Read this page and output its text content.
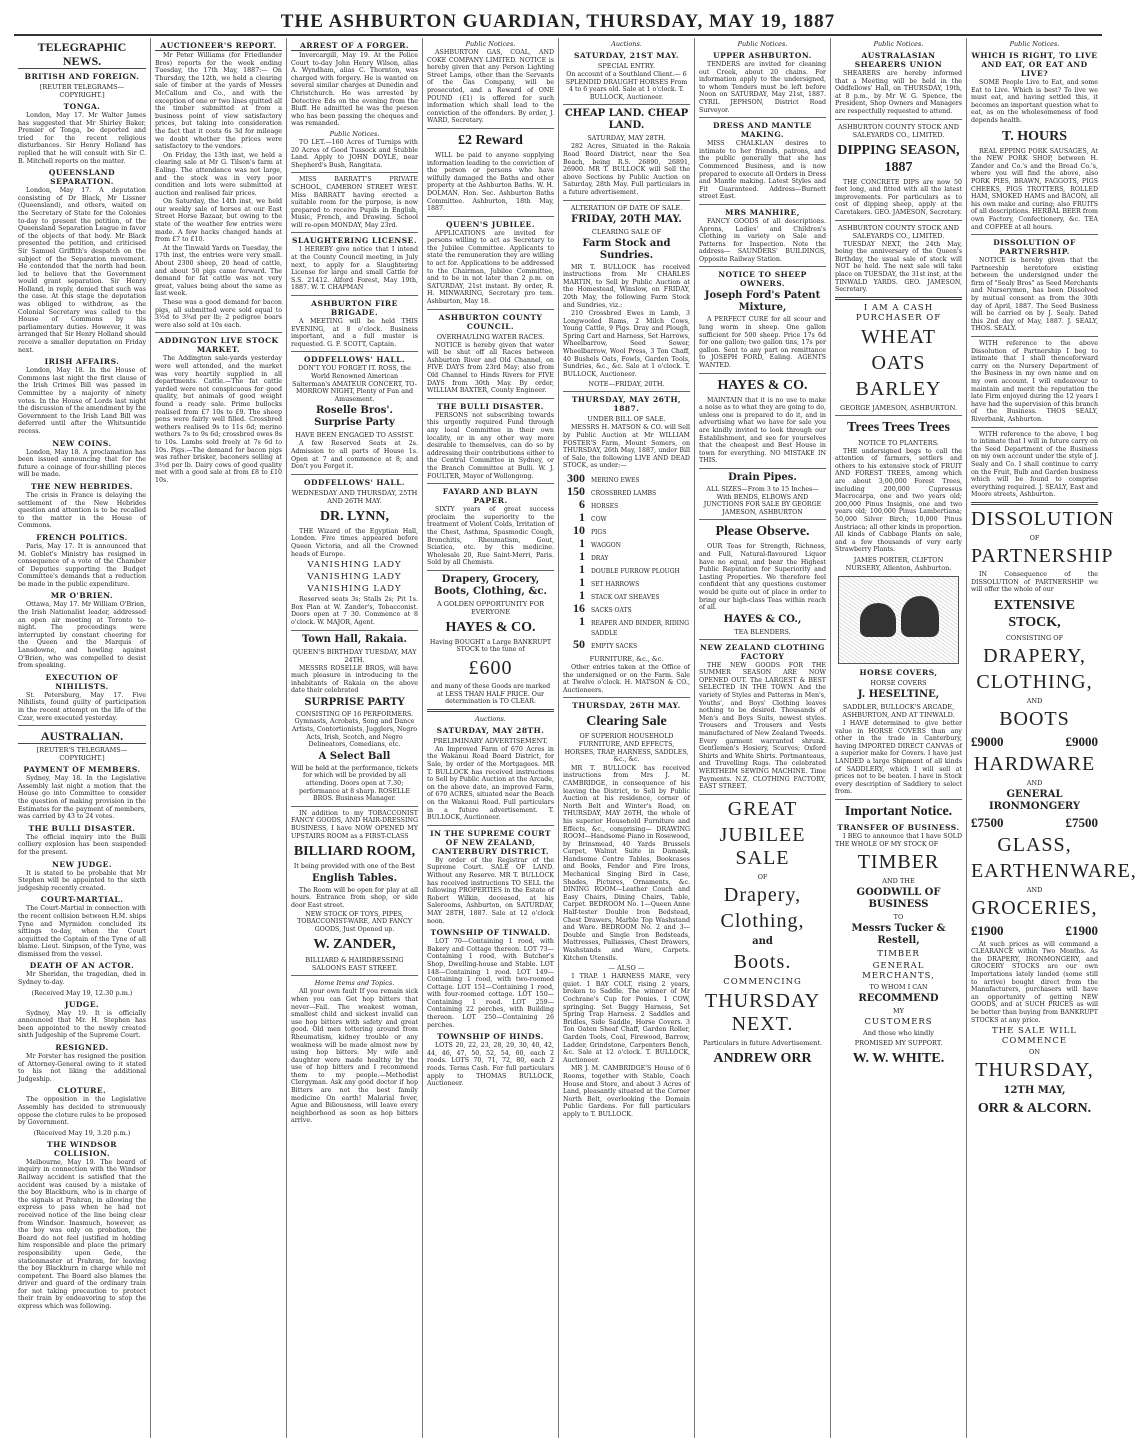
THE ASHBURTON GUARDIAN, THURSDAY, MAY 19, 1887
TELEGRAPHIC NEWS.
BRITISH AND FOREIGN.
[REUTER TELEGRAMS—COPYRIGHT.]
TONGA.

London, May 17. Mr Walter James has suggested that Mr Shirley Baker, Premier of Tonga, be deported and tried for the recent religious disturbances. Sir Henry Holland has replied that he will consult with Sir C. B. Mitchell reports on the matter.

QUEENSLAND SEPARATION.

London, May 17. A deputation consisting of Dr Black, Mr Lissner (Queensland), and others, waited on the Secretary of State for the Colonies to-day to present the petition, of the Queensland Separation League in favor of the objects of that body. Mr Black presented the petition, and criticised Sir Samuel Griffith's despatch on the subject of the Separation movement. He contended that the north had been led to believe that the Government would grant separation. Sir Henry Holland, in reply, denied that such was the case. At this stage the deputation was obliged to withdraw, as the Colonial Secretary was called to the House of Commons by his parliamentary duties. However, it was arranged that Sir Henry Holland should receive a smaller deputation on Friday next.

IRISH AFFAIRS.

London, May 18. In the House of Commons last night the first clause of the Irish Crimes Bill was passed in Committee by a majority of ninety votes. In the House of Lords last night the discussion of the amendment by the Government to the Irish Land Bill was deferred until after the Whitsuntide recess.

NEW COINS.

London, May 18. A proclamation has been issued announcing that for the future a coinage of four-shilling pieces will be made.

THE NEW HEBRIDES.

The crisis in France is delaying the settlement of the New Hebrides question and attention is to be recalled to the matter in the House of Commons.

FRENCH POLITICS.

Paris, May 17. It is announced that M. Goblet's Ministry has resigned in consequence of a vote of the Chamber of Deputies supporting the Budget Committee's demands that a reduction be made in the public expenditure.

MR O'BRIEN.

Ottawa, May 17. Mr William O'Brien, the Irish Nationalist leader, addressed an open air meeting at Toronto to-night. The proceedings were interrupted by constant cheering for the Queen and the Marquis of Lansdowne, and howling against O'Brien, who was compelled to desist from speaking.

EXECUTION OF NIHILISTS.

St. Petersburg, May 17. Five Nihilists, found guilty of participation in the recent attempt on the life of the Czar, were executed yesterday.

AUSTRALIAN.
[REUTER'S TELEGRAMS—COPYRIGHT.]
PAYMENT OF MEMBERS.

Sydney, May 18. In the Legislative Assembly last night a motion that the House go into Committee to consider the question of making provision in the Estimates for the payment of members, was carried by 43 to 24 votes.

THE BULLI DISASTER.

The official inquiry into the Bulli colliery explosion has been suspended for the present.

NEW JUDGE.

It is stated to be probable that Mr Stephen will be appointed to the sixth judgeship recently created.

COURT-MARTIAL.

The Court-Martial in connection with the recent collision between H.M. ships Tyne and Myrmidon concluded its sittings to-day, when the Court acquitted the Captain of the Tyne of all blame. Lieut. Simpson, of the Tyne, was dismissed from the vessel.

DEATH OF AN ACTOR.

Mr Sheridan, the tragedian, died in Sydney to-day.

(Received May 19, 12.30 p.m.)
JUDGE.

Sydney, May 19. It is officially announced that Mr. H. Stephen has been appointed to the newly created sixth Judgeship of the Supreme Court.

RESIGNED.

Mr Forster has resigned the position of Attorney-General owing to it stated to his not liking the additional Judgeship.

CLOTURE.

The opposition in the Legislative Assembly has decided to strenuously oppose the cloture rules to be proposed by Government.

(Received May 19, 3.20 p.m.)
THE WINDSOR COLLISION.

Melbourne, May 19. The board of inquiry in connection with the Windsor Railway accident is satisfied that the accident was caused by a mistake of the boy Blackburn, who is in charge of the signals at Prahran, in allowing the express to pass when he had not received notice of the line being clear from Windsor. Inasmuch, however, as the boy was only on probation, the Board do not feel justified in holding him responsible and place the primary responsibility upon Gede, the stationmaster at Prahran, for leaving the boy Blackburn in charge while not competent. The Board also blames the driver and guard of the ordinary train for not taking precaution to protect their train by endeavoring to stop the express which was following.

AUCTIONEER'S REPORT.

Mr Peter Williams (for Friedlander Bros) reports for the week ending Tuesday, the 17th May, 1887:— On Thursday, the 12th, we held a clearing sale of timber at the yards of Messrs McCallum and Co., and with the exception of one or two lines quitted all the timber submitted at from a business point of view satisfactory prices, but taking into consideration the fact that it costs 6s 3d for mileage we doubt whether the prices were satisfactory to the vendors.

On Friday, the 13th inst, we held a clearing sale at Mr G. Tilson's farm at Ealing. The attendance was not large, and the stock was in very poor condition and lots were submitted at auction and realised fair prices.

On Saturday, the 14th inst, we held our weekly sale of horses at our East Street Horse Bazaar, but owing to the state of the weather few entries were made. A few hacks changed hands at from £7 to £10.

At the Tinwald Yards on Tuesday, the 17th inst, the entries were very small. About 2300 sheep, 20 head of cattle, and about 50 pigs came forward. The demand for fat cattle was not very great, values being about the same as last week.

These was a good demand for bacon pigs, all submitted were sold equal to 3½d to 3¾d per lb; 2 pedigree boars were also sold at 10s each.

ADDINGTON LIVE STOCK MARKET.

The Addington sale-yards yesterday were well attended, and the market was very heartily supplied in all departments. Cattle.—The fat cattle yarded were not conspicuous for good quality, but animals of good weight found a ready sale. Prime bullocks realised from £7 10s to £9. The sheep pens were fairly well filled. Crossbred wethers realised 9s to 11s 6d; merino wethers 7s to 9s 6d; crossbred ewes 8s to 10s. Lambs sold freely at 7s 6d to 10s. Pigs.—The demand for bacon pigs was rather brisker, baconers selling at 3½d per lb. Dairy cows of good quality met with a good sale at from £8 to £10 10s.

ARREST OF A FORGER.

Invercargill, May 19. At the Police Court to-day John Henry Wilson, alias A. Wyndham, alias C. Thornton, was charged with forgery. He is wanted on several similar charges at Dunedin and Christchurch. He was arrested by Detective Eds on the evening from the Bluff. He admitted he was the person who has been passing the cheques and was remanded.

Public Notices.

TO LET.—160 Acres of Turnips with 20 Acres of Good Tussock and Stubble Land. Apply to JOHN DOYLE, near Shepherd's Bush, Rangitata.

MISS BARRATT'S PRIVATE SCHOOL, CAMERON STREET WEST. Miss BARRATT having erected a suitable room for the purpose, is now prepared to receive Pupils in English, Music, French, and Drawing. School will re-open MONDAY, May 23rd.

SLAUGHTERING LICENSE.

I HEREBY give notice that I intend at the County Council meeting, in July next, to apply for a Slaughtering License for large and small Cattle for S.S. 21412. Alford Forest, May 19th, 1887. W. T. CHAPMAN

ASHBURTON FIRE BRIGADE.

A MEETING will be held THIS EVENING, at 8 o'clock. Business important, and a full muster is requested. G. F. SCOTT, Captain.

ODDFELLOWS' HALL.

DON'T YOU FORGET IT. ROSS, the World Renowned American Salterman's AMATEUR CONCERT, TO-MORROW NIGHT, Plenty of Fun and Amusement.

Roselle Bros'. Surprise Party
HAVE BEEN ENGAGED TO ASSIST.

A few Reserved Seats at 2s. Admission to all parts of House 1s. Open at 7 and commence at 8; and Don't you Forget it.

ODDFELLOWS' HALL.
WEDNESDAY AND THURSDAY, 25TH AND 26TH MAY.
DR. LYNN,

THE Wizard of the Egyptian Hall, London. Five times appeared before Queen Victoria, and all the Crowned heads of Europe.

VANISHING LADY
VANISHING LADY
VANISHING LADY

Reserved seats 3s; Stalls 2s; Pit 1s. Box Plan at W. Zander's, Tobacconist. Doors open at 7 30. Commence at 8 o'clock. W. MAJOR, Agent.

Town Hall, Rakaia.
QUEEN'S BIRTHDAY TUESDAY, MAY 24TH.

MESSRS ROSELLE BROS, will have much pleasure in introducing to the inhabitants of Rakaia on the above date their celebrated

SURPRISE PARTY

CONSISTING OF 16 PERFORMERS. Gymnasts, Acrobats, Song and Dance Artists, Contortionists, Jugglers, Negro Acts, Irish, Scotch, and Negro Delineators, Comedians, etc.

A Select Ball

Will be held at the performance, tickets for which will be provided by all attending. Doors open at 7.30; performance at 8 sharp. ROSELLE BROS. Business Manager.

IN addition to my TOBACCONIST FANCY GOODS, AND HAIR-DRESSING BUSINESS, I have NOW OPENED MY UPSTAIRS ROOM as a FIRST-CLASS

BILLIARD ROOM,

It being provided with one of the Best

English Tables.

The Room will be open for play at all hours. Entrance from shop, or side door East street.

NEW STOCK OF TOYS, PIPES, TOBACCONIST-WARE, AND FANCY GOODS, Just Opened up.

W. ZANDER,
BILLIARD & HAIRDRESSING SALOONS EAST STREET.
Home Items and Topics.

All your own fault If you remain sick when you can Get hop bitters that never—Fail. The weakest woman, smallest child and sickest invalid can use hop bitters with safety and great good. Old men tottering around from Rheumatism, kidney trouble or any weakness will be made almost new by using hop bitters. My wife and daughter were made healthy by the use of hop bitters and I recommend them to my people.—Methodist Clergyman. Ask any good doctor if hop Bitters are not the best family medicine On earth! Malarial fever, Ague and Biliousness, will leave every neighborhood as soon as hop bitters arrive.

Public Notices.

ASHBURTON GAS, COAL, AND COKE COMPANY LIMITED. NOTICE is hereby given that any Person Lighting Street Lamps, other than the Servants of the Gas Company, will be prosecuted, and a Reward of ONE POUND (£1) is offered for such information which shall lead to the conviction of the offenders. By order, J. WARD, Secretary.

£2 Reward

WILL be paid to anyone supplying information leading to the conviction of the person or persons who have wilfully damaged the Baths and other property at the Ashburton Baths. W. H. DOLMAN. Hon. Sec. Ashburton Baths Committee. Ashburton, 18th May, 1887.

QUEEN'S JUBILEE.

APPLICATIONS are invited for persons willing to act as Secretary to the Jubilee Committee. Applicants to state the remuneration they are willing to act for. Applications to be addressed to the Chairman, Jubilee Committee, and to be in not later than 2 p.m. on SATURDAY, 21st instant. By order, R. H. MINWARING, Secretary pro tem. Ashburton, May 18.

ASHBURTON COUNTY COUNCIL.
OVERHAULING WATER RACES.

NOTICE is hereby given that water will be shut off all Races between Ashburton River and Old Channel, on FIVE DAYS from 23rd May; also from Old Channel to Hinds Rivers for FIVE DAYS from 30th May. By order, WILLIAM BAXTER, County Engineer.

THE BULLI DISASTER.

PERSONS not subscribing towards this urgently required Fund through any local Committee in their own locality, or in any other way more desirable to themselves, can do so by addressing their contributions either to the Central Committee in Sydney, or the Branch Committee at Bulli. W. J. FOULTER, Mayor of Wollongong.

FAYARD AND BLAYN PAPER.

SIXTY years of great success proclaim the superiority to the treatment of Violent Colds, Irritation of the Chest, Asthma, Spasmodic Cough, Bronchitis, Rheumatism, Gout, Sciatica, etc. by this medicine. Wholesale 20, Rue Saint-Merri, Paris. Sold by all Chemists.

Drapery, Grocery, Boots, Clothing, &c.
A GOLDEN OPPORTUNITY FOR EVERYONE
HAYES & CO.

Having BOUGHT a Large BANKRUPT STOCK to the tune of

£600

and many of these Goods are marked at LESS THAN HALF PRICE. Our determination is TO CLEAR.

Auctions.
SATURDAY, MAY 28TH.
PRELIMINARY ADVERTISEMENT.

An Improved Farm of 670 Acres in the Wakanui Road Board District, for Sale, by order of the Mortgagees. MR T. BULLOCK has received instructions to Sell by Public Auction at the Arcade, on the above date, an improved Farm, of 670 ACRES, situated near the Beach on the Wakanui Road. Full particulars in a future advertisement. T. BULLOCK, Auctioneer.

IN THE SUPREME COURT OF NEW ZEALAND, CANTERBURY DISTRICT.

By order of the Registrar of the Supreme Court. SALE OF LAND. Without any Reserve. MR T. BULLOCK has received instructions TO SELL the following PROPERTIES in the Estate of Robert Wilkin, deceased, at his Salerooms, Ashburton, on SATURDAY, MAY 28TH, 1887. Sale at 12 o'clock noon.

TOWNSHIP OF TINWALD.

LOT 70—Containing 1 rood, with Bakery and Cottage thereon. LOT 73—Containing 1 rood, with Butcher's Shop, Dwelling-house and Stable. LOT 148—Containing 1 rood. LOT 149—Containing 1 rood, with two-roomed Cottage. LOT 151—Containing 1 rood, with four-roomed cottage. LOT 150—Containing 1 rood. LOT 259—Containing 22 perches, with Building thereon. LOT 250—Containing 26 perches.

TOWNSHIP OF HINDS.

LOTS 20, 22, 23, 28, 29, 30, 40, 42, 44, 46, 47, 50, 52, 54, 60, each 2 roods. LOTS 70, 71, 72, 80, each 2 roods. Terms Cash. For full particulars apply to THOMAS BULLOCK, Auctioneer.

Auctions.
SATURDAY, 21ST MAY.
SPECIAL ENTRY.

On account of a Southland Client.— 6 SPLENDID DRAUGHT HORSES From 4 to 6 years old. Sale at 1 o'clock. T. BULLOCK, Auctioneer.

CHEAP LAND. CHEAP LAND.
SATURDAY, MAY 28TH.

282 Acres, Situated in the Rakaia Road Board District, near the Sea Beach, being R.S. 26890, 26891, 26900. MR T. BULLOCK will Sell the above Sections by Public Auction on Saturday, 28th May. Full particulars in a future advertisement.

ALTERATION OF DATE OF SALE.
FRIDAY, 20TH MAY.
CLEARING SALE OF
Farm Stock and Sundries.

MR T. BULLOCK has received instructions from Mr CHARLES MARTIN, to Sell by Public Auction at the Homestead, Winslow, on FRIDAY, 20th May, the following Farm Stock and Sundries, viz.:

210 Crossbred Ewes in Lamb, 3 Longwooled Rams, 2 Milch Cows, Young Cattle, 9 Pigs. Dray and Plough, Spring Cart and Harness, Set Harrows, Wheelbarrow, Seed Sower, Wheelbarrow, Wool Press, 3 Ton Chaff, 40 Bushels Oats, Fowls, Garden Tools, Sundries, &c., &c. Sale at 1 o'clock. T. BULLOCK, Auctioneer.

NOTE—FRIDAY, 20TH.
THURSDAY, MAY 26TH, 1887.
UNDER BILL OF SALE.

MESSRS H. MATSON & CO. will Sell by Public Auction at Mr WILLIAM FOSTER'S Farm, Mount Somers, on THURSDAY, 26th May, 1887, under Bill of Sale, the following LIVE AND DEAD STOCK, as under:—

300	MERINO EWES
150	CROSSBRED LAMBS
6	HORSES
1	COW
10	PIGS
1	WAGGON
1	DRAY
1	DOUBLE FURROW PLOUGH
1	SET HARROWS
1	STACK OAT SHEAVES
16	SACKS OATS
1	REAPER AND BINDER, RIDING SADDLE
50	EMPTY SACKS
FURNITURE, &c., &c.

Other entries taken at the Office of the undersigned or on the Farm. Sale at Twelve o'clock. H. MATSON & CO., Auctioneers.

THURSDAY, 26TH MAY.
Clearing Sale

OF SUPERIOR HOUSEHOLD FURNITURE, AND EFFECTS, HORSES, TRAP, HARNESS, SADDLES, &c., &c.

MR T. BULLOCK has received instructions from Mrs J. M. CAMBRIDGE, in consequence of his leaving the District, to Sell by Public Auction at his residence, corner of North Belt and Winter's Road, on THURSDAY, MAY 26TH, the whole of his superior Household Furniture and Effects, &c., comprising— DRAWING ROOM—Handsome Piano in Rosewood, by Brinsmead, 40 Yards Brussels Carpet, Walnut Suite in Damask, Handsome Centre Tables, Bookcases and Books, Fender and Fire Irons, Mechanical Singing Bird in Case, Shades, Pictures, Ornaments, &c. DINING ROOM—Leather Couch and Easy Chairs, Dining Chairs, Table, Carpet. BEDROOM No. 1—Queen Anne Half-tester Double Iron Bedstead, Chest Drawers, Marble Top Washstand and Ware. BEDROOM No. 2 and 3—Double and Single Iron Bedsteads, Mattresses, Palliasses, Chest Drawers, Washstands and Ware, Carpets. Kitchen Utensils.

— ALSO —

1 TRAP. 1 HARNESS MARE, very quiet. 1 BAY COLT, rising 2 years, broken to Saddle. The winner of Mr Cochrane's Cup for Ponies. 1 COW, springing. Set Buggy Harness, Set Spring Trap Harness. 2 Saddles and Bridles, Side Saddle, Horse Covers. 3 Ton Oaten Sheaf Chaff, Garden Roller, Garden Tools, Coal, Firewood, Barrow, Ladder, Grindstone, Carpenters Bench, &c. Sale at 12 o'clock. T. BULLOCK, Auctioneer.

MR J. M. CAMBRIDGE'S House of 6 Rooms, together with Stable, Coach House and Store, and about 3 Acres of Land, pleasantly situated at the Corner North Belt, overlooking the Domain Public Gardens. For full particulars apply to T. BULLOCK.

Public Notices.
UPPER ASHBURTON.

TENDERS are invited for cleaning out Creek, about 20 chains. For information apply to the undersigned, to whom Tenders must be left before Noon on SATURDAY, May 21st, 1887. CYRIL JEPHSON, District Road Surveyor.

DRESS AND MANTLE MAKING.

MISS CHALKLAN desires to intimate to her friends, patrons, and the public generally that she has Commenced Business, and is now prepared to execute all Orders in Dress and Mantle making. Latest Styles and Fit Guaranteed. Address—Burnett street East.

MRS MANHIRE,

FANCY GOODS of all descriptions. Aprons, Ladies' and Children's Clothing in variety on Sale and Patterns for Inspection. Note the address— SAUNDERS' BUILDINGS, Opposite Railway Station.

NOTICE TO SHEEP OWNERS.
Joseph Ford's Patent Mixture,

A PERFECT CURE for all scour and lung worm in sheep. One gallon sufficient for 500 sheep. Price 17s 6d for one gallon; two gallon tins, 17s per gallon. Sent to any part on remittance to JOSEPH FORD, Ealing. AGENTS WANTED.

HAYES & CO.

MAINTAIN that it is no use to make a noise as to what they are going to do, unless one is prepared to do it, and in advertising what we have for sale you are kindly invited to look through our Establishment, and see for yourselves that the cheapest and Best House in town for everything. NO MISTAKE IN THIS.

Drain Pipes.

ALL SIZES—From 3 to 15 Inches— With BENDS, ELBOWS AND JUNCTIONS FOR SALE BY GEORGE JAMESON, ASHBURTON

Please Observe.

OUR Teas for Strength, Richness, and Full, Natural-flavoured Liquor have no equal, and bear the Highest Public Reputation for Superiority and Lasting Properties. We therefore feel confident that any questions customer would be quite out of place in order to bring our high-class Teas within reach of all.

HAYES & CO.,
TEA BLENDERS.
NEW ZEALAND CLOTHING FACTORY

THE NEW GOODS FOR THE SUMMER SEASON ARE NOW OPENED OUT. The LARGEST & BEST SELECTED IN THE TOWN. And the variety of Styles and Patterns in Men's, Youths', and Boys' Clothing leaves nothing to be desired. Thousands of Men's and Boys Suits, newest styles. Trousers and Trousers and Vests manufactured of New Zealand Tweeds. Every garment warranted shrunk. Gentlemen's Hosiery, Scarves; Oxford Shirts and White Shirts. Portmanteaus, and Travelling Rugs. The celebrated WERTHEIM SEWING MACHINE. Time Payments. N.Z. CLOTHING FACTORY, EAST STREET.

GREAT
JUBILEE SALE
OF
Drapery,
Clothing,
and
Boots.
COMMENCING
THURSDAY NEXT.
Particulars in future Advertisement.
ANDREW ORR
Public Notices.
AUSTRALASIAN SHEARERS UNION

SHEARERS are hereby informed that a Meeting will be held in the Oddfellows' Hall, on THURSDAY, 19th, at 8 p.m., by Mr W. G. Spence, the President, Shop Owners and Managers are respectfully requested to attend.

ASHBURTON COUNTY STOCK AND SALEYARDS CO., LIMITED.
DIPPING SEASON, 1887

THE CONCRETE DIPS are now 50 feet long, and fitted with all the latest improvements. For particulars as to cost of dipping sheep, apply at the Caretakers. GEO. JAMESON, Secretary.

ASHBURTON COUNTY STOCK AND SALEYARDS CO., LIMITED.

TUESDAY NEXT, the 24th May, being the anniversary of the Queen's Birthday, the usual sale of stock will NOT be held. The next sale will take place on TUESDAY, the 31st inst, at the TINWALD YARDS. GEO. JAMESON, Secretary.

I AM A CASH PURCHASER OF
WHEAT
OATS
BARLEY
GEORGE JAMESON, ASHBURTON.
Trees Trees Trees
NOTICE TO PLANTERS.

THE undersigned begs to call the attention of farmers, settlers and others to his extensive stock of FRUIT AND FOREST TREES, among which are about 3,00,000 Forest Trees, including 200,000 Cupressus Macrocarpa, one and two years old; 200,000 Pinus Insignis, one and two years old; 100,000 Pinus Lambertiana; 50,000 Silver Birch; 10,000 Pinus Austriaca; all other kinds in proportion. All kinds of Cabbage Plants on sale, and a few thousands of very early Strawberry Plants.

JAMES PORTER, CLIFTON NURSERY, Allenton, Ashburton.
HORSE COVERS,
HORSE COVERS
J. HESELTINE,
SADDLER, BULLOCK'S ARCADE, ASHBURTON, AND AT TINWALD.

I HAVE determined to give better value in HORSE COVERS than any other in the trade in Canterbury, having IMPORTED DIRECT CANVAS of a superior make for Covers. I have just LANDED a large Shipment of all kinds of SADDLERY, which I will sell at prices not to be beaten. I have in Stock every description of Saddlery to select from.

Important Notice.
TRANSFER OF BUSINESS.

I BEG to announce that I have SOLD THE WHOLE OF MY STOCK OF

TIMBER
AND THE
GOODWILL OF BUSINESS
TO
Messrs Tucker & Restell,
TIMBER
GENERAL MERCHANTS,
TO WHOM I CAN
RECOMMEND
MY
CUSTOMERS
And those who kindly
PROMISED MY SUPPORT.
W. W. WHITE.
Public Notices.
WHICH IS RIGHT, TO LIVE AND EAT, OR EAT AND LIVE?

SOME People Live to Eat, and some Eat to Live. Which is best? To live we must eat, and having settled this, it becomes an important question what to eat, as on the wholesomeness of food depends health.

T. HOURS

REAL EPPING PORK SAUSAGES, At the NEW PORK SHOP, between H. Zander and Co.'s and the Bread Co.'s, where you will find the above, also PORK PIES, BRAWN, FAGGOTS, PIGS CHEEKS, PIGS TROTTERS, ROLLED HAM, SMOKED HAMS and BACON, all his own make and curing; also FRUITS of all descriptions. HERBAL BEER from own Factory, Confectionery, &c. TEA and COFFEE at all hours.

DISSOLUTION OF PARTNERSHIP.

NOTICE is hereby given that the Partnership heretofore existing between the undersigned under the firm of "Sealy Bros" as Seed Merchants and Nurserymen, has been Dissolved by mutual consent as from the 30th day of April, 1887. The Seed Business will be carried on by J. Sealy. Dated this 2nd day of May, 1887. J. SEALY, THOS. SEALY.

WITH reference to the above Dissolution of Partnership I beg to intimate that I shall thenceforward carry on the Nursery Department of the Business in my own name and on my own account. I will endeavour to maintain and merit the reputation the late Firm enjoyed during the 12 years I have had the supervision of this branch of the Business. THOS SEALY, Riverbank, Ashburton.

WITH reference to the above, I beg to intimate that I will in future carry on the Seed Department of the Business on my own account under the style of J. Sealy and Co. I shall continue to carry on the Fruit, Bulb and Garden business which will be found to comprise everything required. J. SEALY, East and Moore streets, Ashburton.

DISSOLUTION
OF
PARTNERSHIP

IN Consequence of the DISSOLUTION of PARTNERSHIP we will offer the whole of our

EXTENSIVE STOCK,
CONSISTING OF
DRAPERY,
CLOTHING,
AND
BOOTS
£9000	£9000
HARDWARE
AND
GENERAL IRONMONGERY
£7500	£7500
GLASS,
EARTHENWARE,
AND
GROCERIES,
£1900	£1900

At such prices as will command a CLEARANCE within Two Months. As the DRAPERY, IRONMONGERY, and GROCERY STOCKS are our own Importations lately landed (some still to arrive) bought direct from the Manufacturers, purchasers will have an opportunity of getting NEW GOODS, and at SUCH PRICES as will be better than buying from BANKRUPT STOCKS at any price.

THE SALE WILL COMMENCE
ON
THURSDAY,
12TH MAY,
ORR & ALCORN.
